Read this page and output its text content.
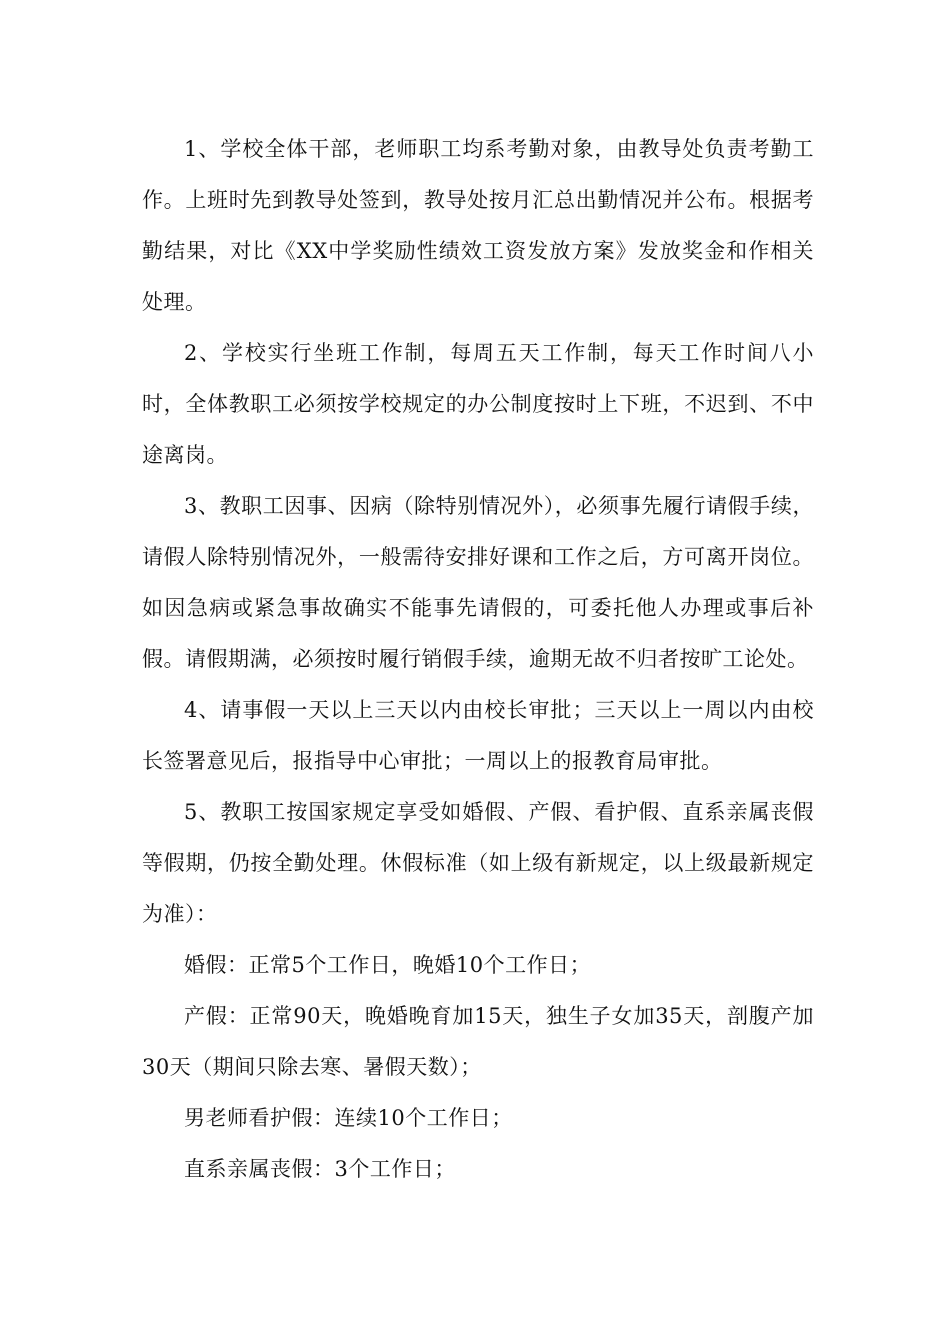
1、学校全体干部，老师职工均系考勤对象，由教导处负责考勤工作。上班时先到教导处签到，教导处按月汇总出勤情况并公布。根据考勤结果，对比《XX中学奖励性绩效工资发放方案》发放奖金和作相关处理。

2、学校实行坐班工作制，每周五天工作制，每天工作时间八小时，全体教职工必须按学校规定的办公制度按时上下班，不迟到、不中途离岗。

3、教职工因事、因病（除特别情况外），必须事先履行请假手续，请假人除特别情况外，一般需待安排好课和工作之后，方可离开岗位。如因急病或紧急事故确实不能事先请假的，可委托他人办理或事后补假。请假期满，必须按时履行销假手续，逾期无故不归者按旷工论处。

4、请事假一天以上三天以内由校长审批；三天以上一周以内由校长签署意见后，报指导中心审批；一周以上的报教育局审批。

5、教职工按国家规定享受如婚假、产假、看护假、直系亲属丧假等假期，仍按全勤处理。休假标准（如上级有新规定，以上级最新规定为准）：

婚假：正常5个工作日，晚婚10个工作日；

产假：正常90天，晚婚晚育加15天，独生子女加35天，剖腹产加30天（期间只除去寒、暑假天数）；

男老师看护假：连续10个工作日；

直系亲属丧假：3个工作日；
